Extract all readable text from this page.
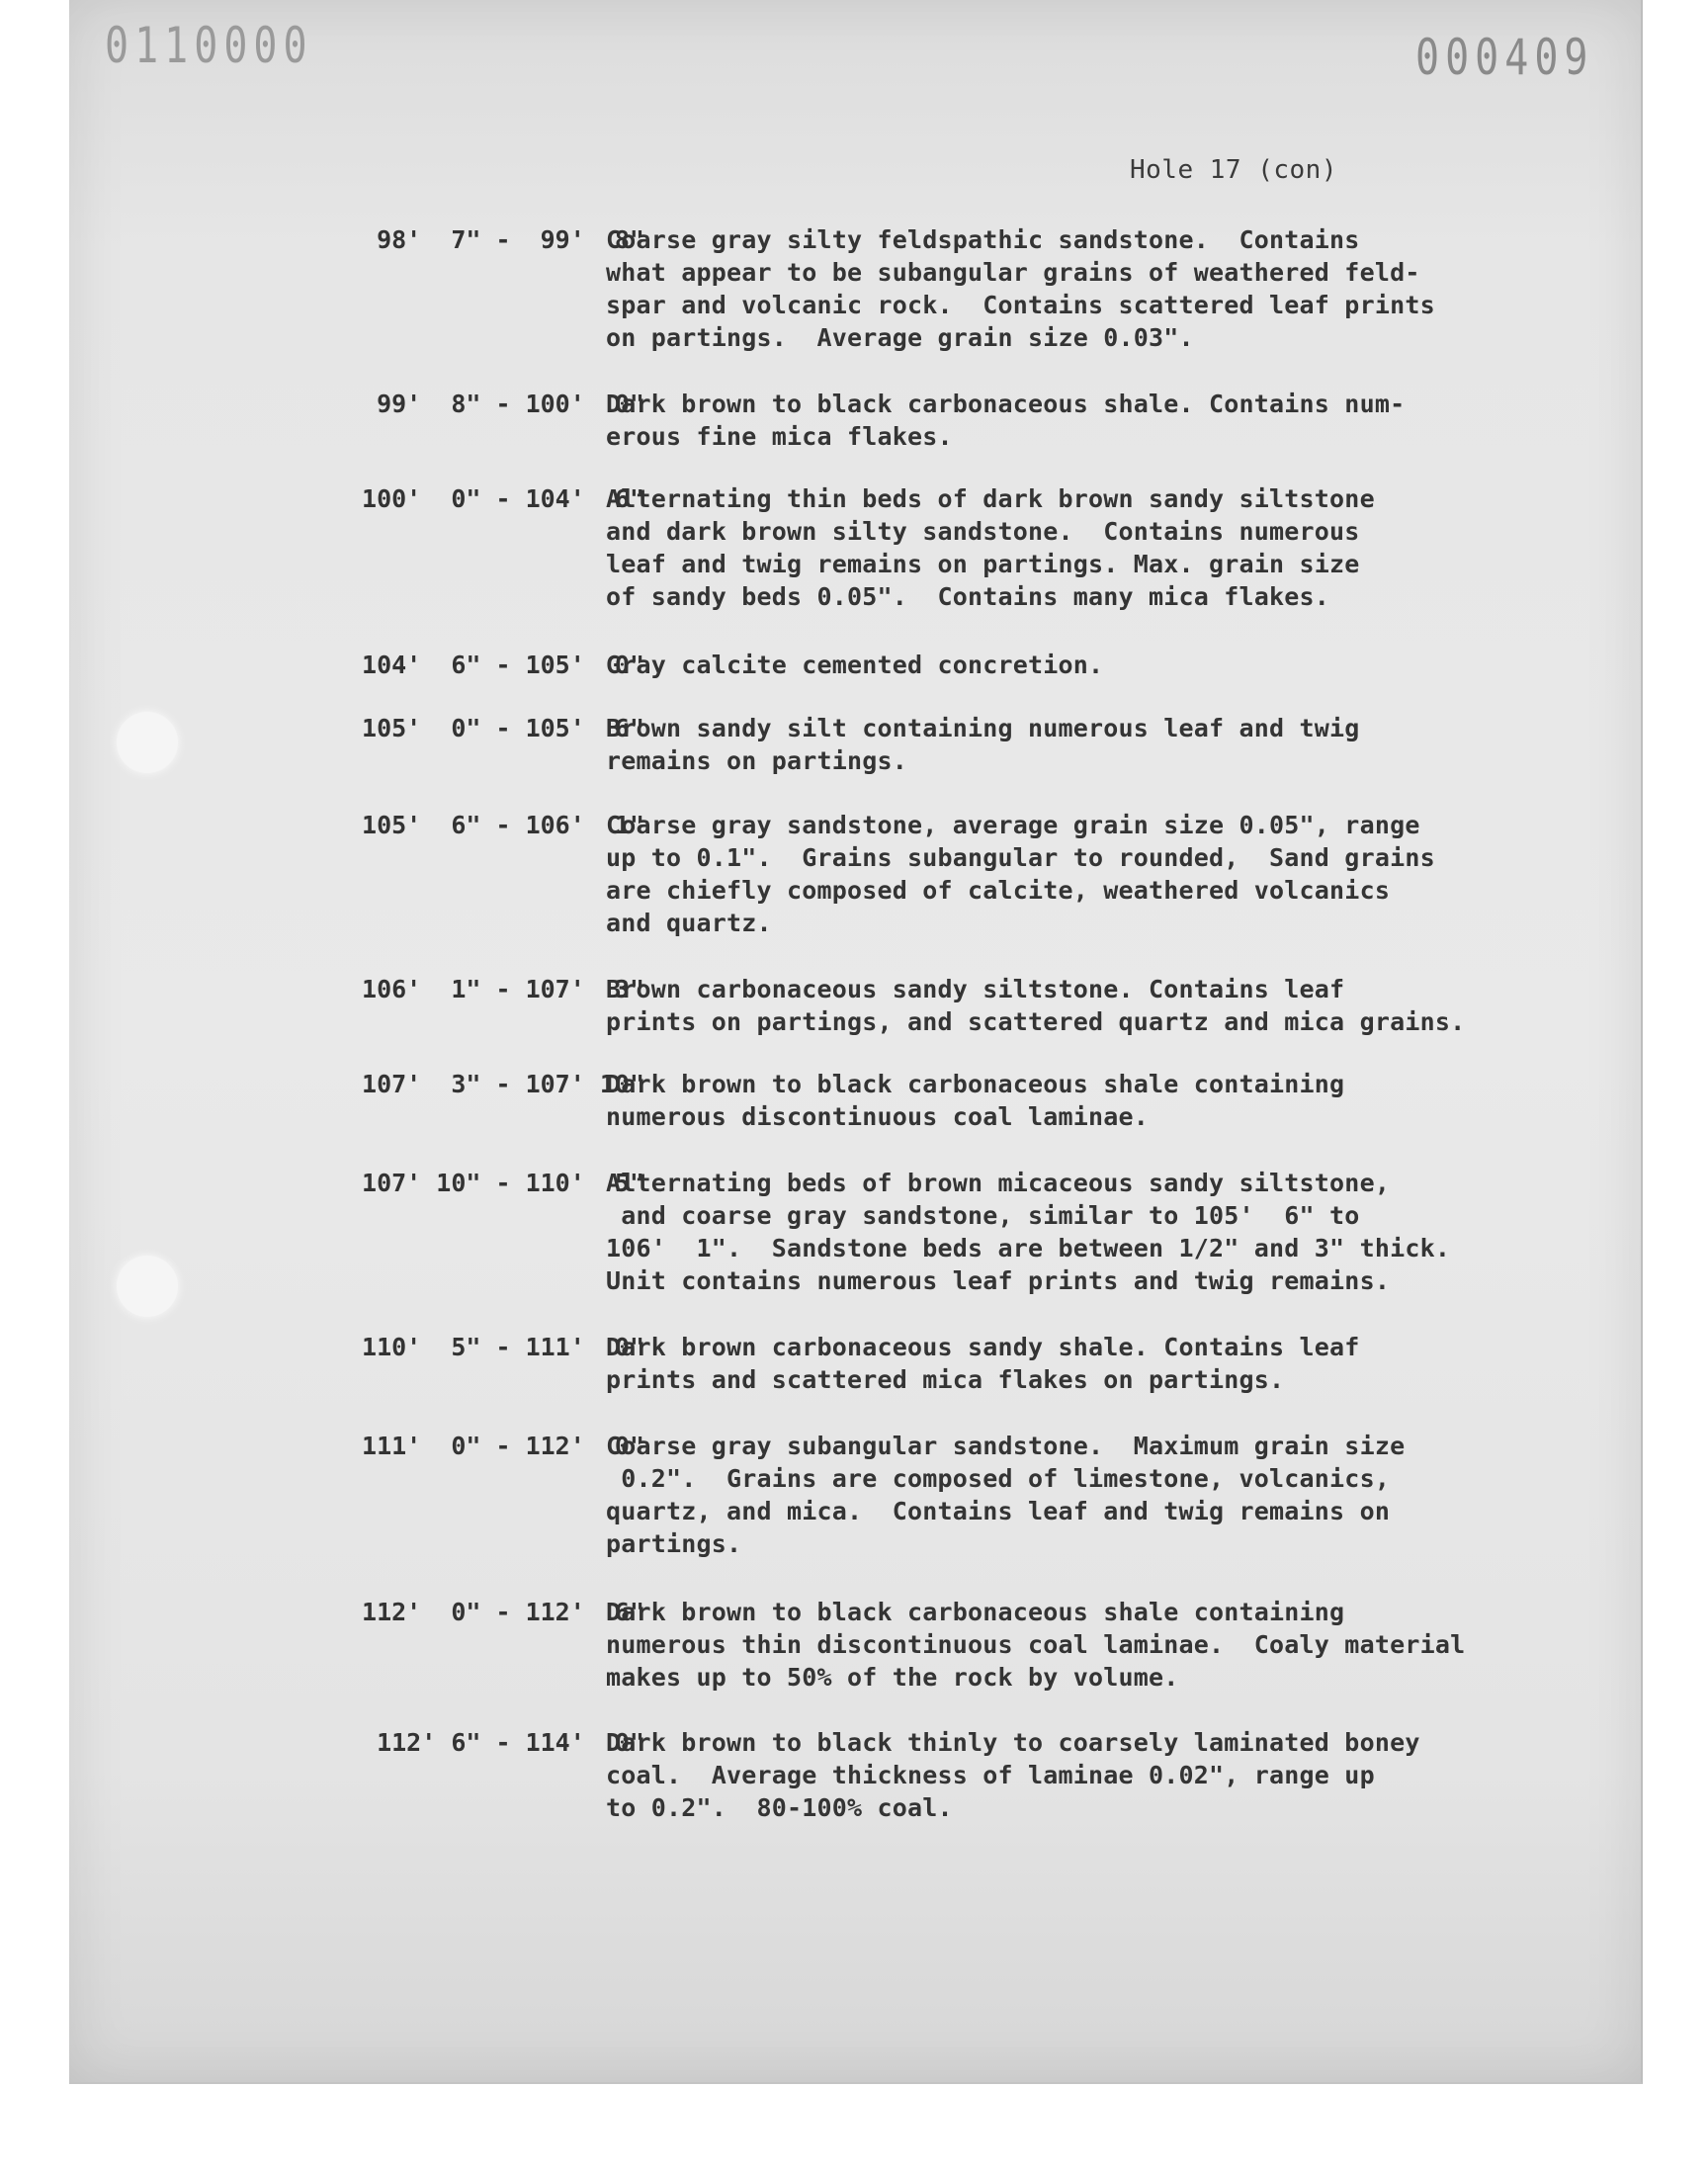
0110000	000409
Hole 17 (con)
98'  7" -  99'  8"
Coarse gray silty feldspathic sandstone.  Contains
what appear to be subangular grains of weathered feld-
spar and volcanic rock.  Contains scattered leaf prints
on partings.  Average grain size 0.03".
99'  8" - 100'  0"
Dark brown to black carbonaceous shale. Contains num-
erous fine mica flakes.
100'  0" - 104'  6"
Alternating thin beds of dark brown sandy siltstone
and dark brown silty sandstone.  Contains numerous
leaf and twig remains on partings. Max. grain size
of sandy beds 0.05".  Contains many mica flakes.
104'  6" - 105'  0"
Gray calcite cemented concretion.
105'  0" - 105'  6"
Brown sandy silt containing numerous leaf and twig
remains on partings.
105'  6" - 106'  1"
Coarse gray sandstone, average grain size 0.05", range
up to 0.1".  Grains subangular to rounded,  Sand grains
are chiefly composed of calcite, weathered volcanics
and quartz.
106'  1" - 107'  3"
Brown carbonaceous sandy siltstone. Contains leaf
prints on partings, and scattered quartz and mica grains.
107'  3" - 107' 10"
Dark brown to black carbonaceous shale containing
numerous discontinuous coal laminae.
107' 10" - 110'  5"
Alternating beds of brown micaceous sandy siltstone,
and coarse gray sandstone, similar to 105'  6" to
106'  1".  Sandstone beds are between 1/2" and 3" thick.
Unit contains numerous leaf prints and twig remains.
110'  5" - 111'  0"
Dark brown carbonaceous sandy shale. Contains leaf
prints and scattered mica flakes on partings.
111'  0" - 112'  0"
Coarse gray subangular sandstone.  Maximum grain size
0.2".  Grains are composed of limestone, volcanics,
quartz, and mica.  Contains leaf and twig remains on
partings.
112'  0" - 112'  6"
Dark brown to black carbonaceous shale containing
numerous thin discontinuous coal laminae.  Coaly material
makes up to 50% of the rock by volume.
112' 6" - 114'  0"
Dark brown to black thinly to coarsely laminated boney
coal.  Average thickness of laminae 0.02", range up
to 0.2".  80-100% coal.
